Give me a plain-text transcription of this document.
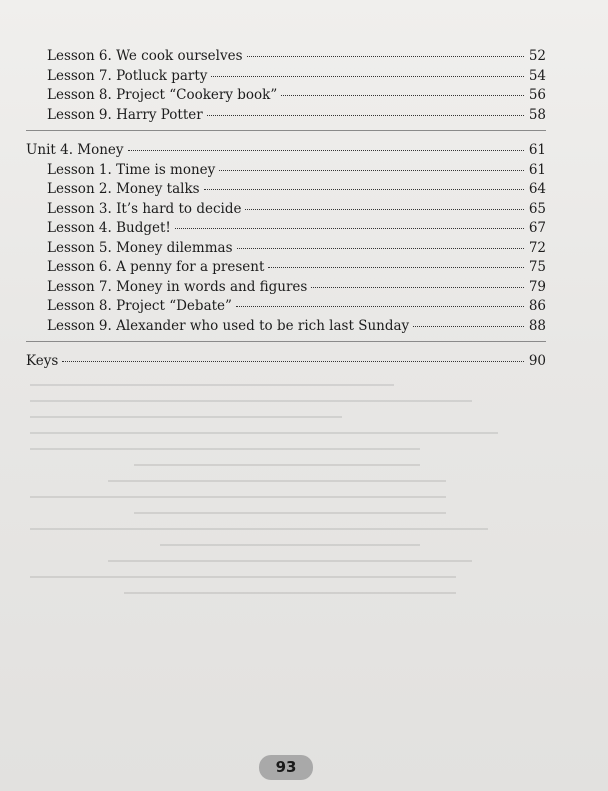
Lesson 6. We cook ourselves	52
Lesson 7. Potluck party	54
Lesson 8. Project “Cookery book”	56
Lesson 9. Harry Potter	58
Unit 4. Money	61
Lesson 1. Time is money	61
Lesson 2. Money talks	64
Lesson 3. It’s hard to decide	65
Lesson 4. Budget!	67
Lesson 5. Money dilemmas	72
Lesson 6. A penny for a present	75
Lesson 7. Money in words and figures	79
Lesson 8. Project “Debate”	86
Lesson 9. Alexander who used to be rich last Sunday	88
Keys	90
93
